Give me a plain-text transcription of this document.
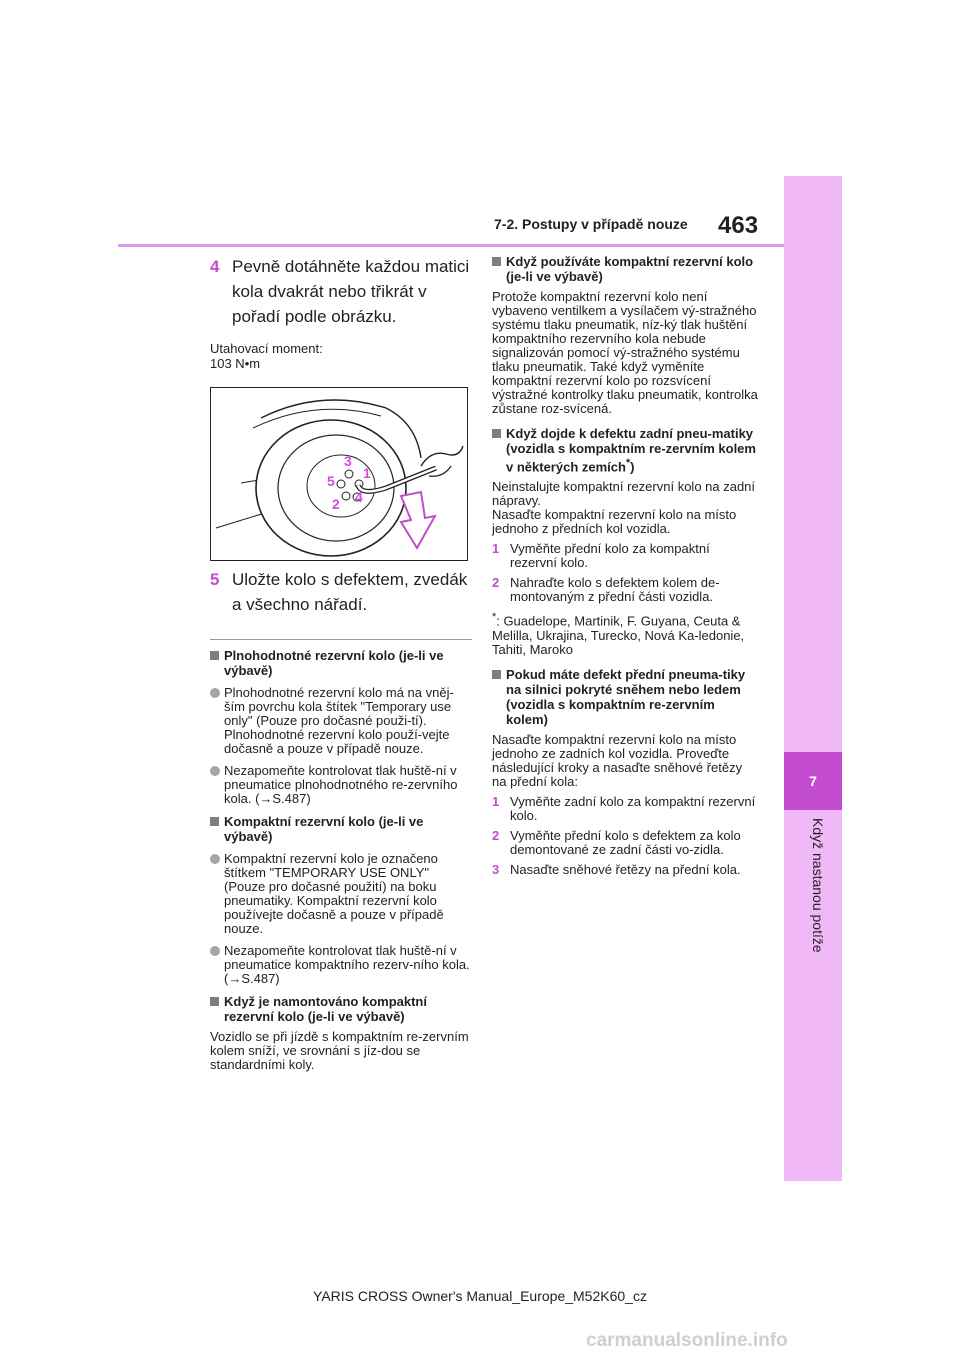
7-2. Postupy v případě nouze 463
7
Když nastanou potíže
4 Pevně dotáhněte každou matici kola dvakrát nebo třikrát v pořadí podle obrázku.
Utahovací moment:
103 N•m
3
1
5
2 4
5 Uložte kolo s defektem, zvedák a všechno nářadí.
Plnohodnotné rezervní kolo (je-li ve výbavě)
Plnohodnotné rezervní kolo má na vněj-ším povrchu kola štítek "Temporary use only" (Pouze pro dočasné použi-tí). Plnohodnotné rezervní kolo použí-vejte dočasně a pouze v případě nouze.
Nezapomeňte kontrolovat tlak huště-ní v pneumatice plnohodnotného re-zervního kola. (→S.487)
Kompaktní rezervní kolo (je-li ve výbavě)
Kompaktní rezervní kolo je označeno štítkem "TEMPORARY USE ONLY" (Pouze pro dočasné použití) na boku pneumatiky. Kompaktní rezervní kolo používejte dočasně a pouze v případě nouze.
Nezapomeňte kontrolovat tlak huště-ní v pneumatice kompaktního rezerv-ního kola. (→S.487)
Když je namontováno kompaktní rezervní kolo (je-li ve výbavě)
Vozidlo se při jízdě s kompaktním re-zervním kolem sníží, ve srovnání s jíz-dou se standardními koly.
Když používáte kompaktní rezervní kolo (je-li ve výbavě)
Protože kompaktní rezervní kolo není vybaveno ventilkem a vysílačem vý-stražného systému tlaku pneumatik, níz-ký tlak huštění kompaktního rezervního kola nebude signalizován pomocí vý-stražného systému tlaku pneumatik. Také když vyměníte kompaktní rezervní kolo po rozsvícení výstražné kontrolky tlaku pneumatik, kontrolka zůstane roz-svícená.
Když dojde k defektu zadní pneu-matiky (vozidla s kompaktním re-zervním kolem v některých zemích*)
Neinstalujte kompaktní rezervní kolo na zadní nápravy.
Nasaďte kompaktní rezervní kolo na místo jednoho z předních kol vozidla.
1 Vyměňte přední kolo za kompaktní rezervní kolo.
2 Nahraďte kolo s defektem kolem de-montovaným z přední části vozidla.
*: Guadelope, Martinik, F. Guyana, Ceuta & Melilla, Ukrajina, Turecko, Nová Ka-ledonie, Tahiti, Maroko
Pokud máte defekt přední pneuma-tiky na silnici pokryté sněhem nebo ledem (vozidla s kompaktním re-zervním kolem)
Nasaďte kompaktní rezervní kolo na místo jednoho ze zadních kol vozidla. Proveďte následující kroky a nasaďte sněhové řetězy na přední kola:
1 Vyměňte zadní kolo za kompaktní rezervní kolo.
2 Vyměňte přední kolo s defektem za kolo demontované ze zadní části vo-zidla.
3 Nasaďte sněhové řetězy na přední kola.
YARIS CROSS Owner's Manual_Europe_M52K60_cz
carmanualsonline.info
